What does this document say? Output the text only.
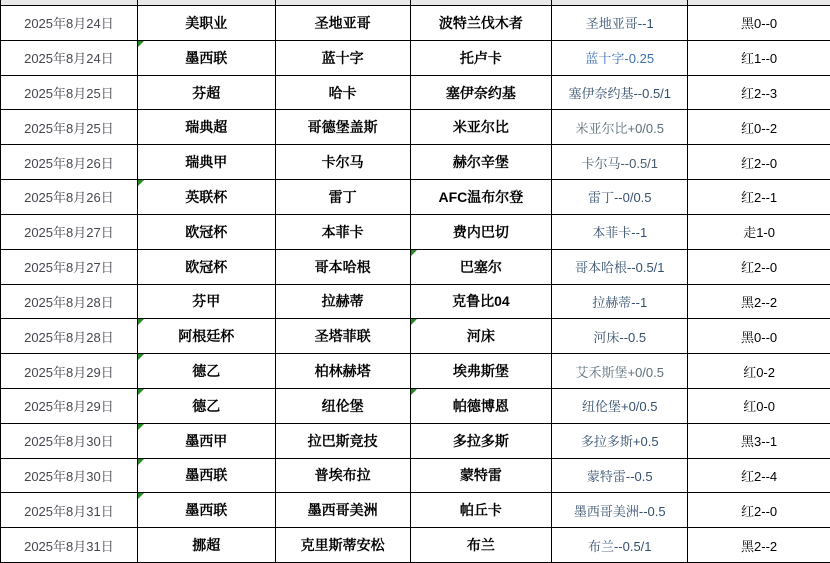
2025年8月24日	美职业	圣地亚哥	波特兰伐木者	圣地亚哥--1	黑0--0
2025年8月24日	墨西联	蓝十字	托卢卡	蓝十字-0.25	红1--0
2025年8月25日	芬超	哈卡	塞伊奈约基	塞伊奈约基--0.5/1	红2--3
2025年8月25日	瑞典超	哥德堡盖斯	米亚尔比	米亚尔比+0/0.5	红0--2
2025年8月26日	瑞典甲	卡尔马	赫尔辛堡	卡尔马--0.5/1	红2--0
2025年8月26日	英联杯	雷丁	AFC温布尔登	雷丁--0/0.5	红2--1
2025年8月27日	欧冠杯	本菲卡	费内巴切	本菲卡--1	走1-0
2025年8月27日	欧冠杯	哥本哈根	巴塞尔	哥本哈根--0.5/1	红2--0
2025年8月28日	芬甲	拉赫蒂	克鲁比04	拉赫蒂--1	黑2--2
2025年8月28日	阿根廷杯	圣塔菲联	河床	河床--0.5	黑0--0
2025年8月29日	德乙	柏林赫塔	埃弗斯堡	艾禾斯堡+0/0.5	红0-2
2025年8月29日	德乙	纽伦堡	帕德博恩	纽伦堡+0/0.5	红0-0
2025年8月30日	墨西甲	拉巴斯竞技	多拉多斯	多拉多斯+0.5	黑3--1
2025年8月30日	墨西联	普埃布拉	蒙特雷	蒙特雷--0.5	红2--4
2025年8月31日	墨西联	墨西哥美洲	帕丘卡	墨西哥美洲--0.5	红2--0
2025年8月31日	挪超	克里斯蒂安松	布兰	布兰--0.5/1	黑2--2
